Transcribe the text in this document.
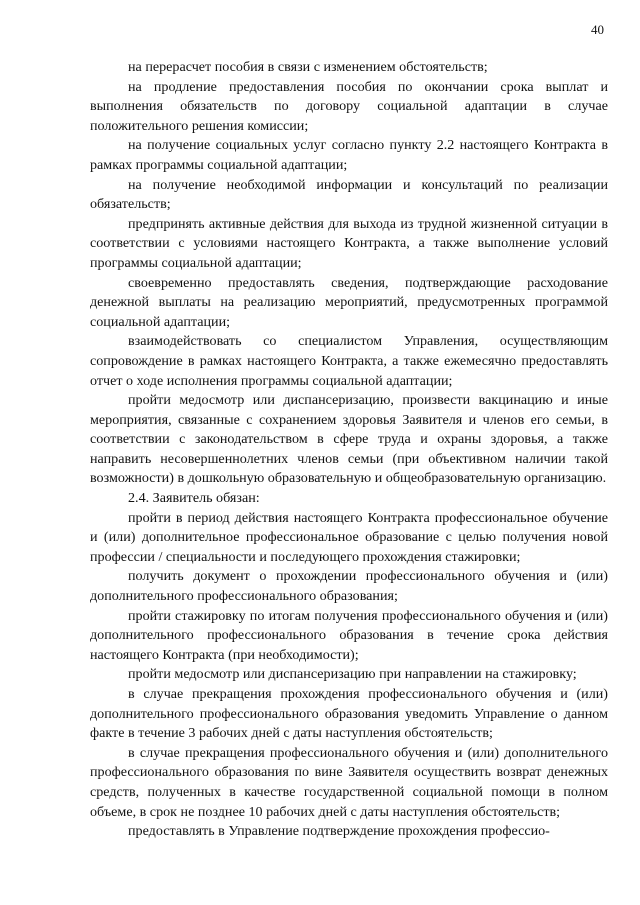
40

на перерасчет пособия в связи с изменением обстоятельств;

на продление предоставления пособия по окончании срока выплат и выполнения обязательств по договору социальной адаптации в случае положительного решения комиссии;

на получение социальных услуг согласно пункту 2.2 настоящего Контракта в рамках программы социальной адаптации;

на получение необходимой информации и консультаций по реализации обязательств;

предпринять активные действия для выхода из трудной жизненной ситуации в соответствии с условиями настоящего Контракта, а также выполнение условий программы социальной адаптации;

своевременно предоставлять сведения, подтверждающие расходование денежной выплаты на реализацию мероприятий, предусмотренных программой социальной адаптации;

взаимодействовать со специалистом Управления, осуществляющим сопровождение в рамках настоящего Контракта, а также ежемесячно предоставлять отчет о ходе исполнения программы социальной адаптации;

пройти медосмотр или диспансеризацию, произвести вакцинацию и иные мероприятия, связанные с сохранением здоровья Заявителя и членов его семьи, в соответствии с законодательством в сфере труда и охраны здоровья, а также направить несовершеннолетних членов семьи (при объективном наличии такой возможности) в дошкольную образовательную и общеобразовательную организацию.

2.4. Заявитель обязан:

пройти в период действия настоящего Контракта профессиональное обучение и (или) дополнительное профессиональное образование с целью получения новой профессии / специальности и последующего прохождения стажировки;

получить документ о прохождении профессионального обучения и (или) дополнительного профессионального образования;

пройти стажировку по итогам получения профессионального обучения и (или) дополнительного профессионального образования в течение срока действия настоящего Контракта (при необходимости);

пройти медосмотр или диспансеризацию при направлении на стажировку;

в случае прекращения прохождения профессионального обучения и (или) дополнительного профессионального образования уведомить Управление о данном факте в течение 3 рабочих дней с даты наступления обстоятельств;

в случае прекращения профессионального обучения и (или) дополнительного профессионального образования по вине Заявителя осуществить возврат денежных средств, полученных в качестве государственной социальной помощи в полном объеме, в срок не позднее 10 рабочих дней с даты наступления обстоятельств;

предоставлять в Управление подтверждение прохождения профессио-
